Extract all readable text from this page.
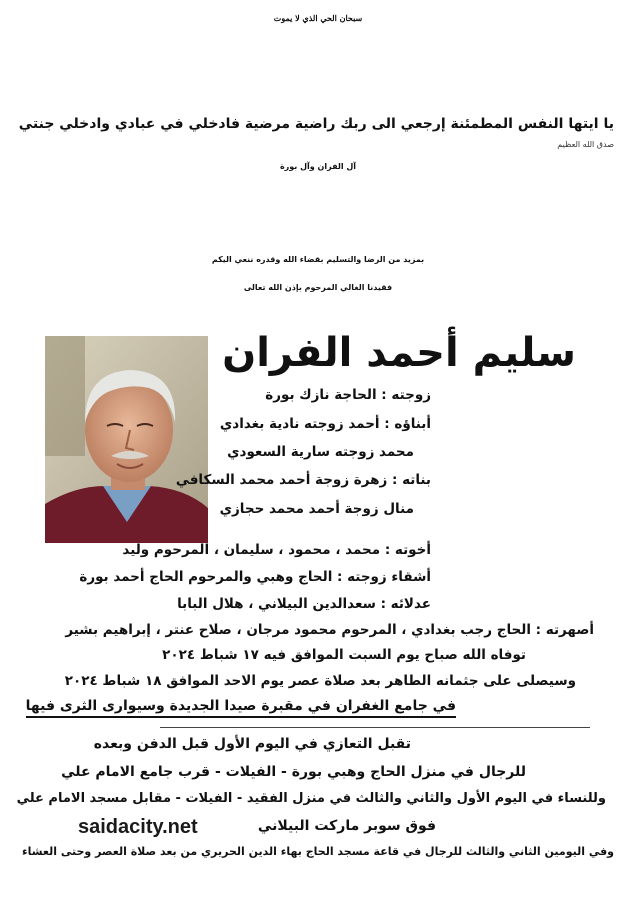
سبحان الحي الذي لا يموت
يا ايتها النفس المطمئنة إرجعي الى ربك راضية مرضية فادخلي في عبادي وادخلي جنتي
صدق الله العظيم
آل الفران وآل بورة
بمزيد من الرضا والتسليم بقضاء الله وقدره ننعي اليكم
فقيدنا الغالي المرحوم بإذن الله تعالى
سليم أحمد الفران
زوجته : الحاجة نازك بورة
أبناؤه : أحمد زوجته نادية بغدادي
محمد زوجته سارية السعودي
بناته : زهرة زوجة أحمد محمد السكافي
منال زوجة أحمد محمد حجازي
أخوته : محمد ، محمود ، سليمان ، المرحوم وليد
أشقاء زوجته : الحاج وهبي والمرحوم الحاج أحمد بورة
عدلائه : سعدالدين البيلاني ، هلال البابا
أصهرته : الحاج رجب بغدادي ، المرحوم محمود مرجان ، صلاح عنتر ، إبراهيم بشير
توفاه الله صباح يوم السبت الموافق فيه ١٧ شباط ٢٠٢٤
وسيصلى على جثمانه الطاهر بعد صلاة عصر يوم الاحد الموافق ١٨ شباط ٢٠٢٤
في جامع الغفران في مقبرة صيدا الجديدة وسيوارى الثرى فيها
تقبل التعازي في اليوم الأول قبل الدفن وبعده
للرجال في منزل الحاج وهبي بورة - الفيلات - قرب جامع الامام علي
وللنساء في اليوم الأول والثاني والثالث في منزل الفقيد - الفيلات - مقابل مسجد الامام علي
فوق سوبر ماركت البيلاني
وفي اليومين الثاني والثالث للرجال في قاعة مسجد الحاج بهاء الدين الحريري من بعد صلاة العصر وحتى العشاء
saidacity.net
